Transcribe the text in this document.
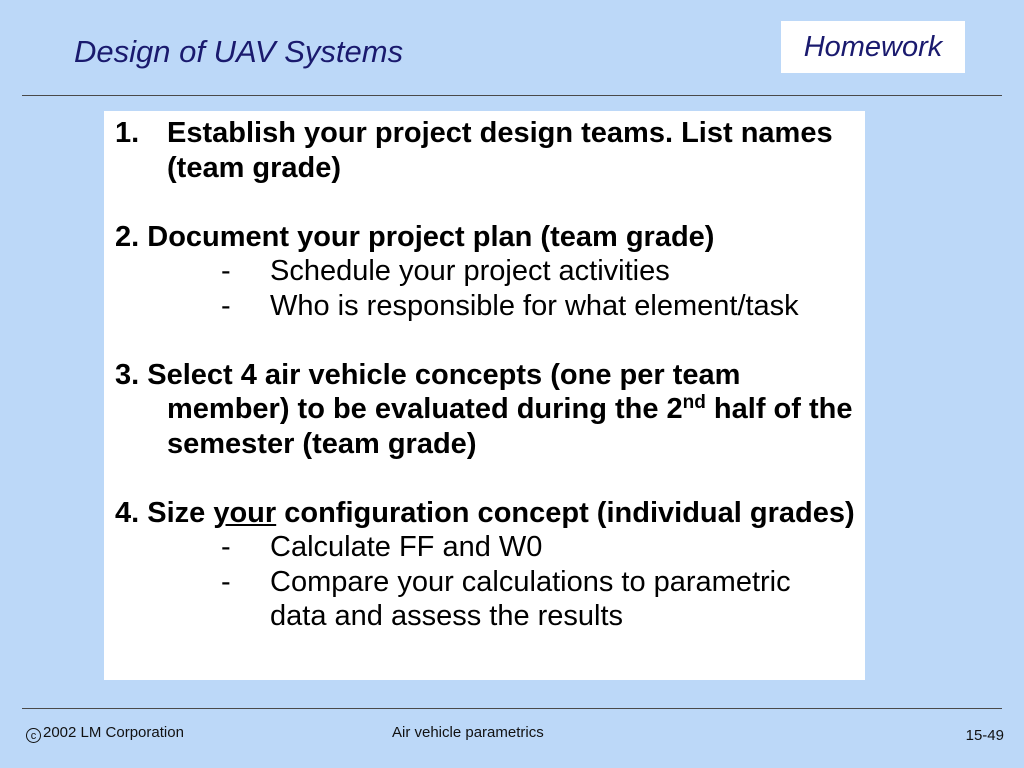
Design of UAV Systems	Homework
1. Establish your project design teams. List names (team grade)
2. Document your project plan (team grade)
- Schedule your project activities
- Who is responsible for what element/task
3. Select 4 air vehicle concepts (one per team member) to be evaluated during the 2nd half of the semester (team grade)
4. Size your configuration concept (individual grades)
- Calculate FF and W0
- Compare your calculations to parametric data and assess the results
c 2002 LM Corporation	Air vehicle parametrics	15-49
